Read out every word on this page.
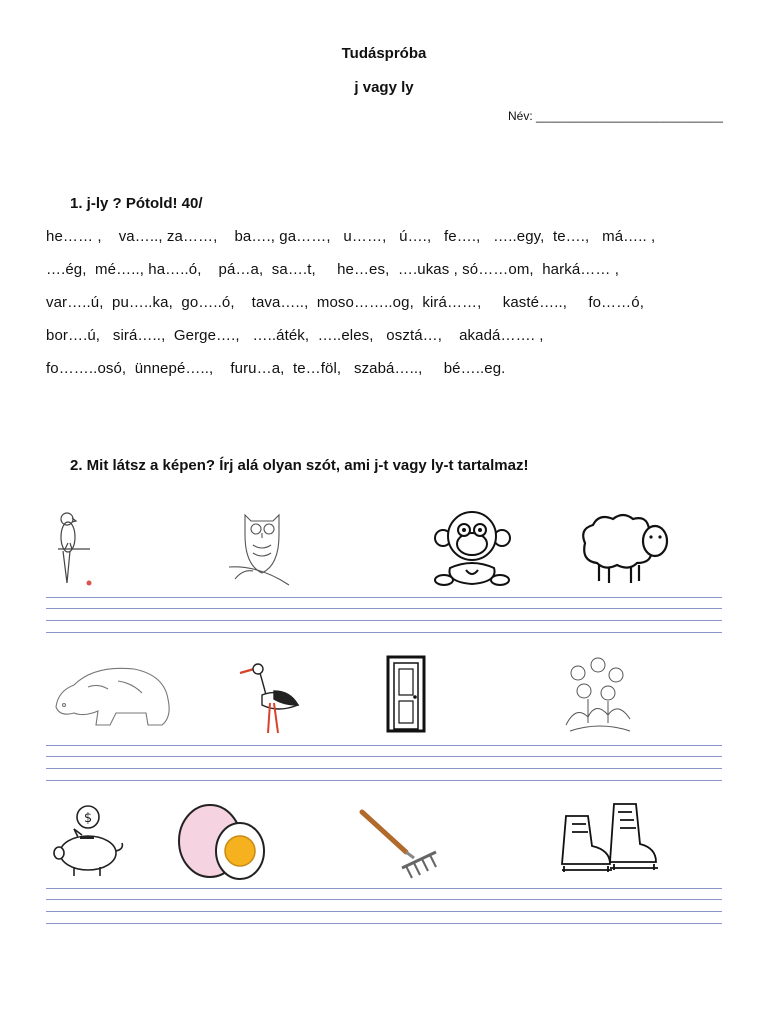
Tudáspróba
j vagy ly
Név: ____________________________
1. j-ly ? Pótold! 40/
he…… ,    va….., za……,    ba…., ga……,   u……,   ú….,   fe….,   …..egy,  te….,   má….. ,
….ég,  mé….., ha…..ó,    pá…a,  sa….t,     he…es,  ….ukas , só……om,  harká…… ,
var…..ú,  pu…..ka,  go…..ó,    tava…..,  moso……..og,  kirá……,     kasté…..,     fo……ó,
bor….ú,   sirá…..,  Gerge….,   …..áték,  …..eles,   osztá…,    akadá……. ,
fo……..osó,  ünnepé…..,    furu…a,  te…föl,   szabá…..,     bé…..eg.
2. Mit látsz a képen? Írj alá olyan szót, ami j-t vagy ly-t tartalmaz!
$
